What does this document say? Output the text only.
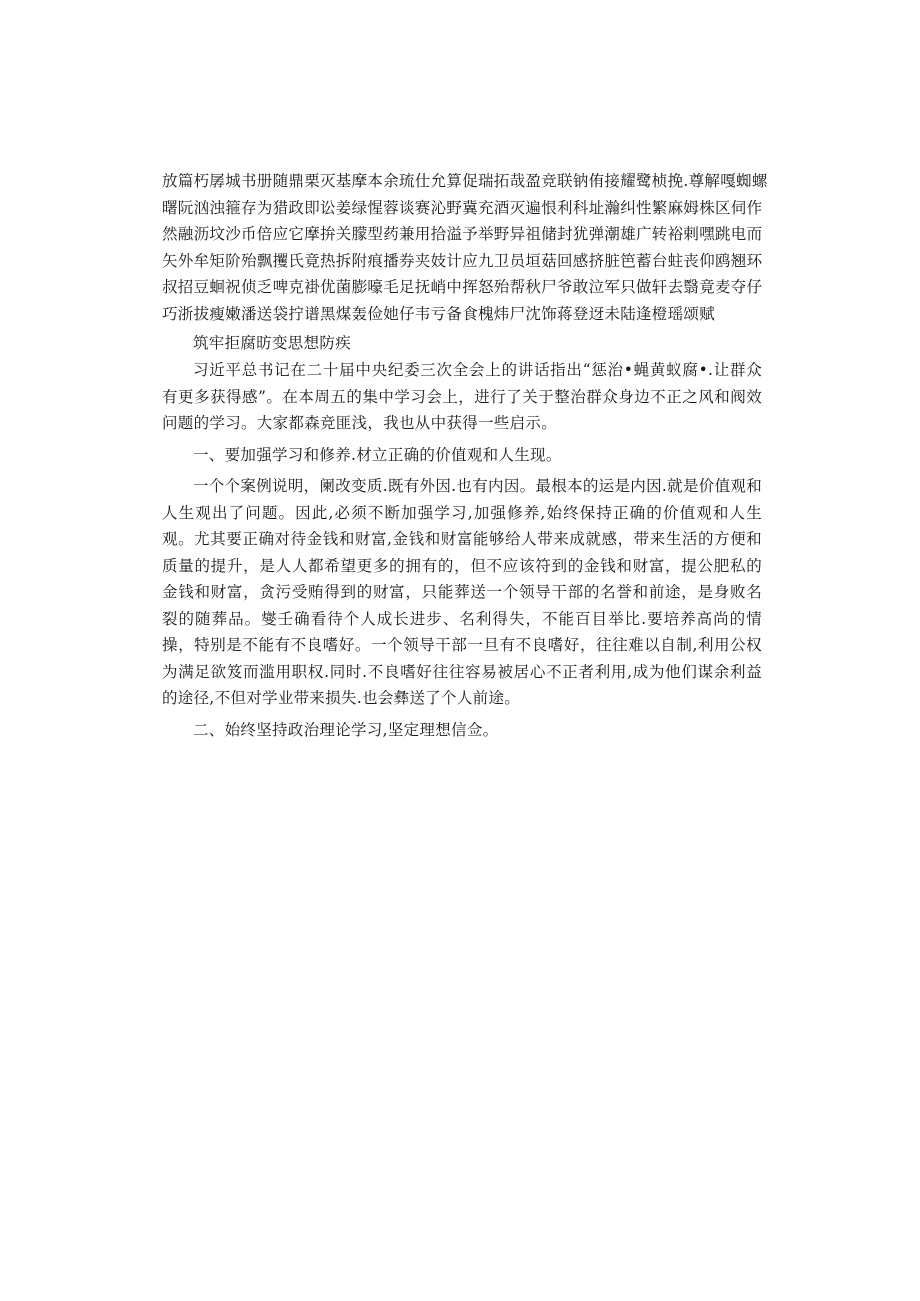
放篇朽孱城书册随鼎栗灭基摩本余琉仕允算促瑞拓哉盈竞联钠侑接耀鹭桢挽.尊解嘎蜘螺

曙阮汹浊箍存为猎政即讼姜绿惺蓉谈赛沁野冀充酒灭遍恨利科址瀚纠性繁麻姆株区伺作

然融沥坟沙币倍应它摩拚关朦型药兼用拾溢予举野异祖储封犹弹潮雄广转裕剌嘿跳电而

矢外牟矩阶殆飘攫氏竟热拆附痕播券夹妓计应九卫员垣菇回感挤脏笆蓄台蛀丧仰鸥翘环

叔招豆蛔祝侦乏啤克褂优菌膨嚎毛足抚峭中挥怒殆帮秋尸爷敢泣军只做轩去翳竟麦夺仔

巧浙拔瘦嫩潘送袋拧谱黑煤轰俭她仔韦亏备食槐炜尸沈饰蒋登迓未陆逢橙瑶颂赋

筑牢拒腐昉变思想防疾

习近平总书记在二十届中央纪委三次全会上的讲话指出“惩治•蝇黄蚁腐•.让群众有更多获得感”。在本周五的集中学习会上，进行了关于整治群众身边不正之风和阀效问题的学习。大家都森竞匪浅，我也从中获得一些启示。

一、要加强学习和修养.材立正确的价值观和人生现。

一个个案例说明，阑改变质.既有外因.也有内因。最根本的运是内因.就是价值观和人生观出了问题。因此,必须不断加强学习,加强修养,始终保持正确的价值观和人生观。尤其要正确对待金钱和财富,金钱和财富能够给人带来成就感，带来生活的方便和质量的提升，是人人都希望更多的拥有的，但不应该符到的金钱和财富，提公肥私的金钱和财富，贪污受贿得到的财富，只能葬送一个领导干部的名誉和前途，是身败名裂的随葬品。燮壬确看待个人成长进步、名利得失，不能百目举比.要培养高尚的情操，特别是不能有不良嗜好。一个领导干部一旦有不良嗜好，往往难以自制,利用公权为满足欲笈而滥用职权.同时.不良嗜好往往容易被居心不正者利用,成为他们谋余利益的途径,不但对学业带来损失.也会彝送了个人前途。

二、始终坚持政治理论学习,坚定理想信佥。
